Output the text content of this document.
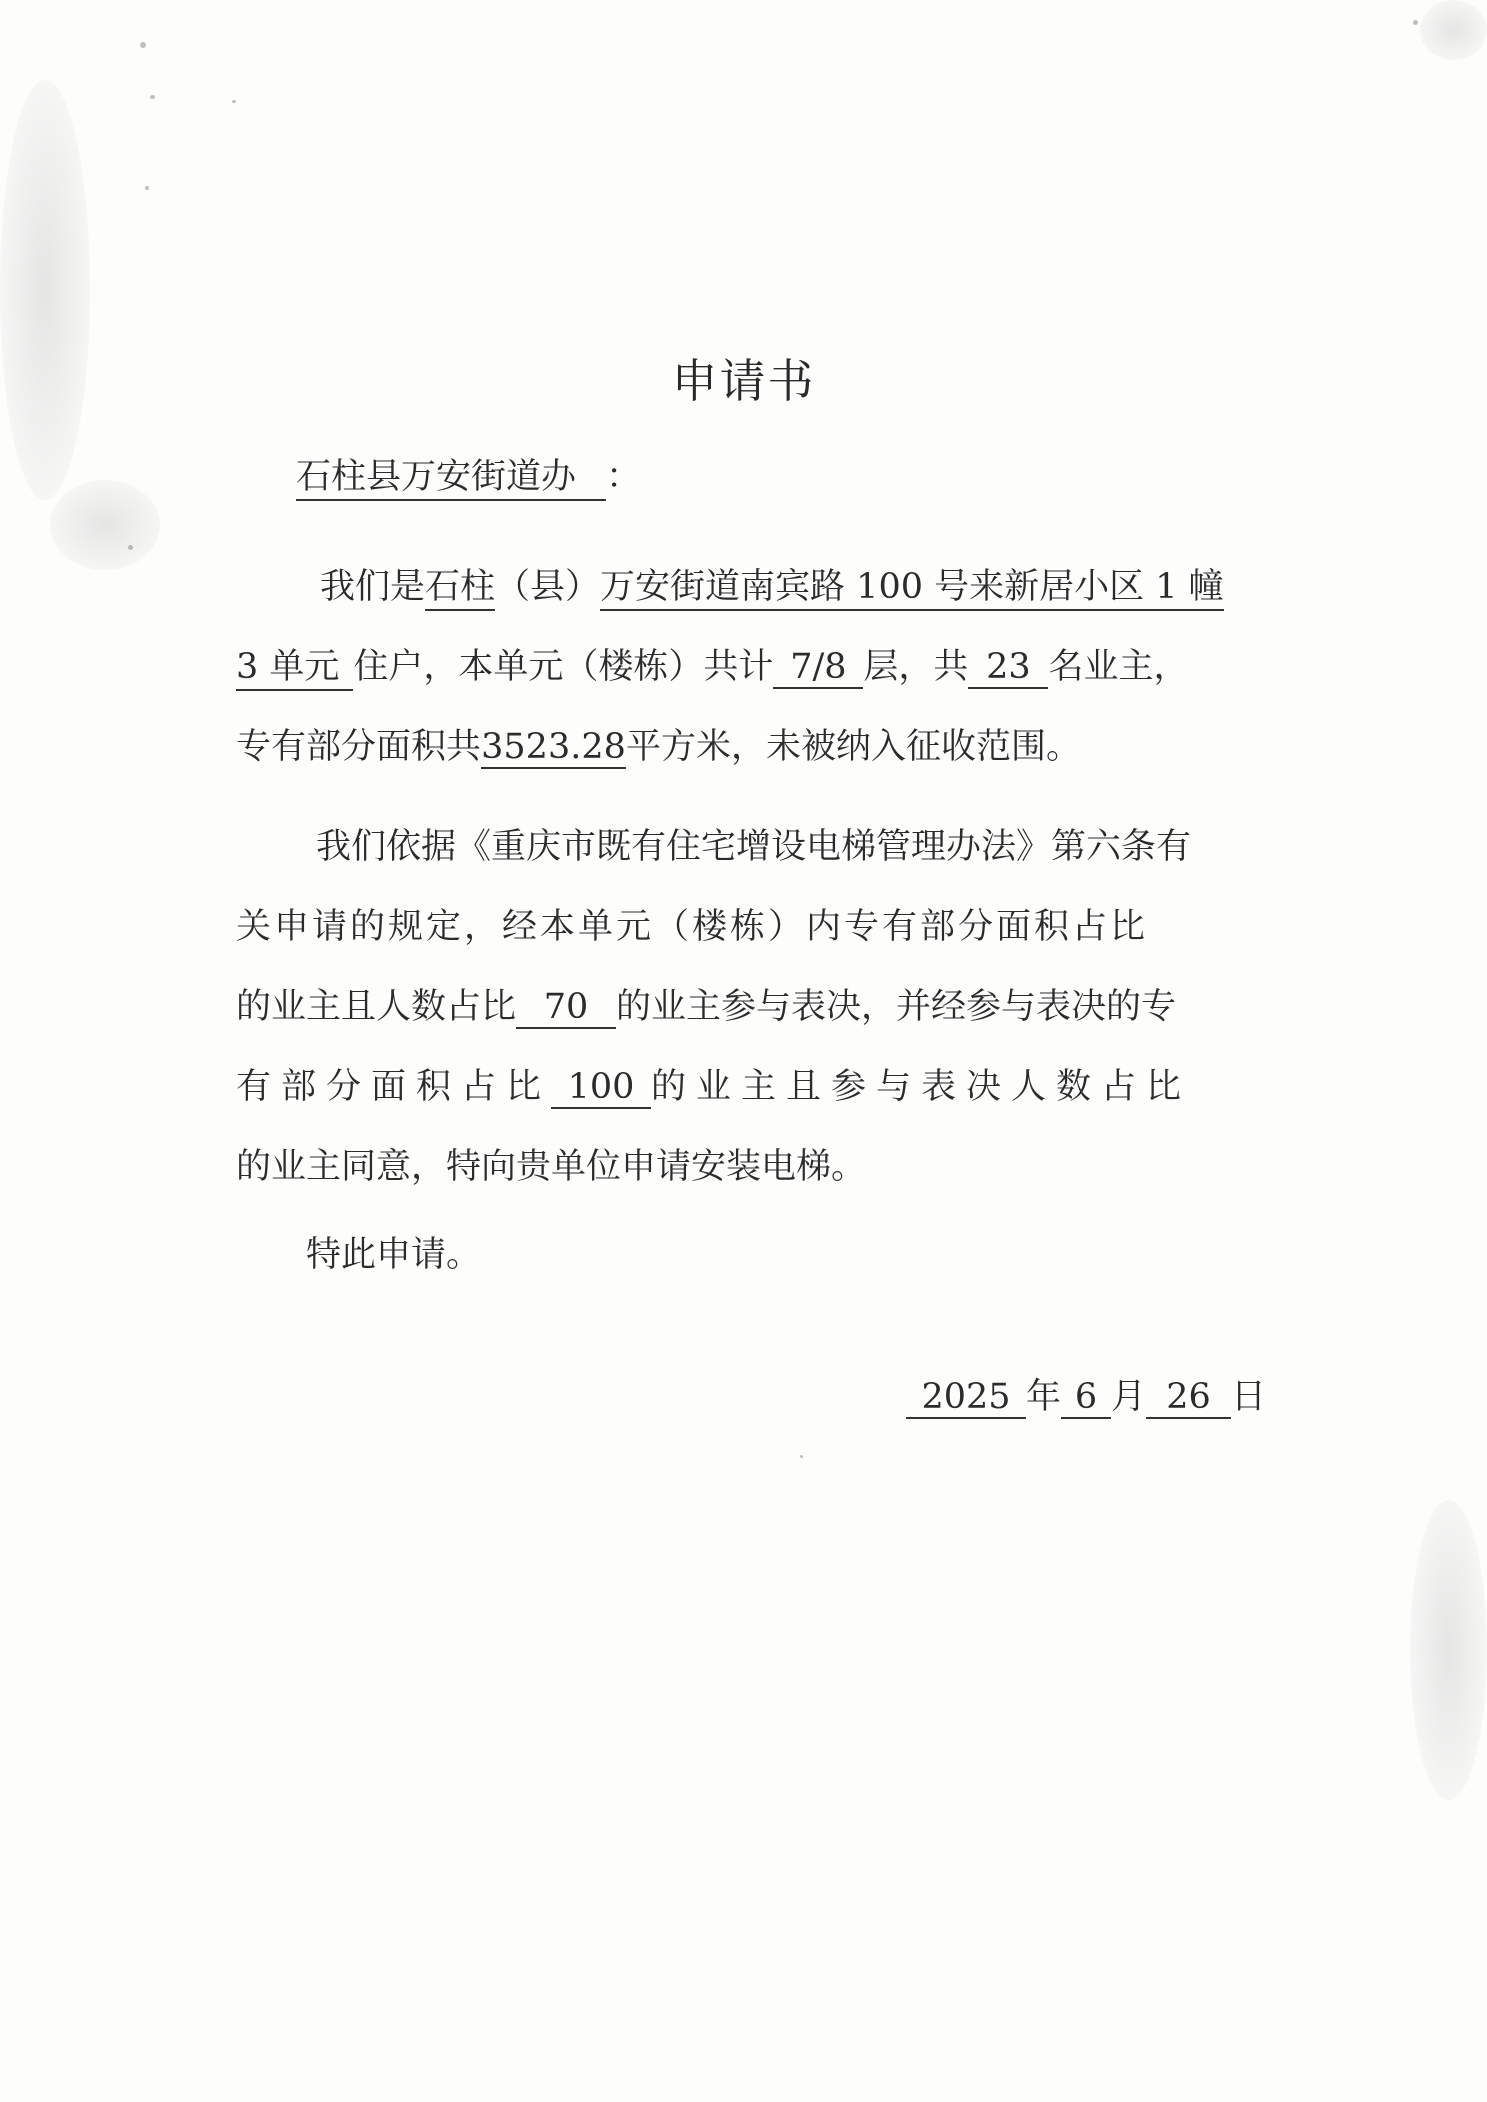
申请书
石柱县万安街道办 ：
我们是石柱（县）万安街道南宾路 100 号来新居小区 1 幢
3 单元 住户，本单元（楼栋）共计 7/8 层，共 23 名业主，
专有部分面积共3523.28平方米，未被纳入征收范围。
我们依据《重庆市既有住宅增设电梯管理办法》第六条有
关申请的规定，经本单元（楼栋）内专有部分面积占比
的业主且人数占比 70 的业主参与表决，并经参与表决的专
有部分面积占比 100 的业主且参与表决人数占比
的业主同意，特向贵单位申请安装电梯。
特此申请。
2025 年 6 月 26 日
